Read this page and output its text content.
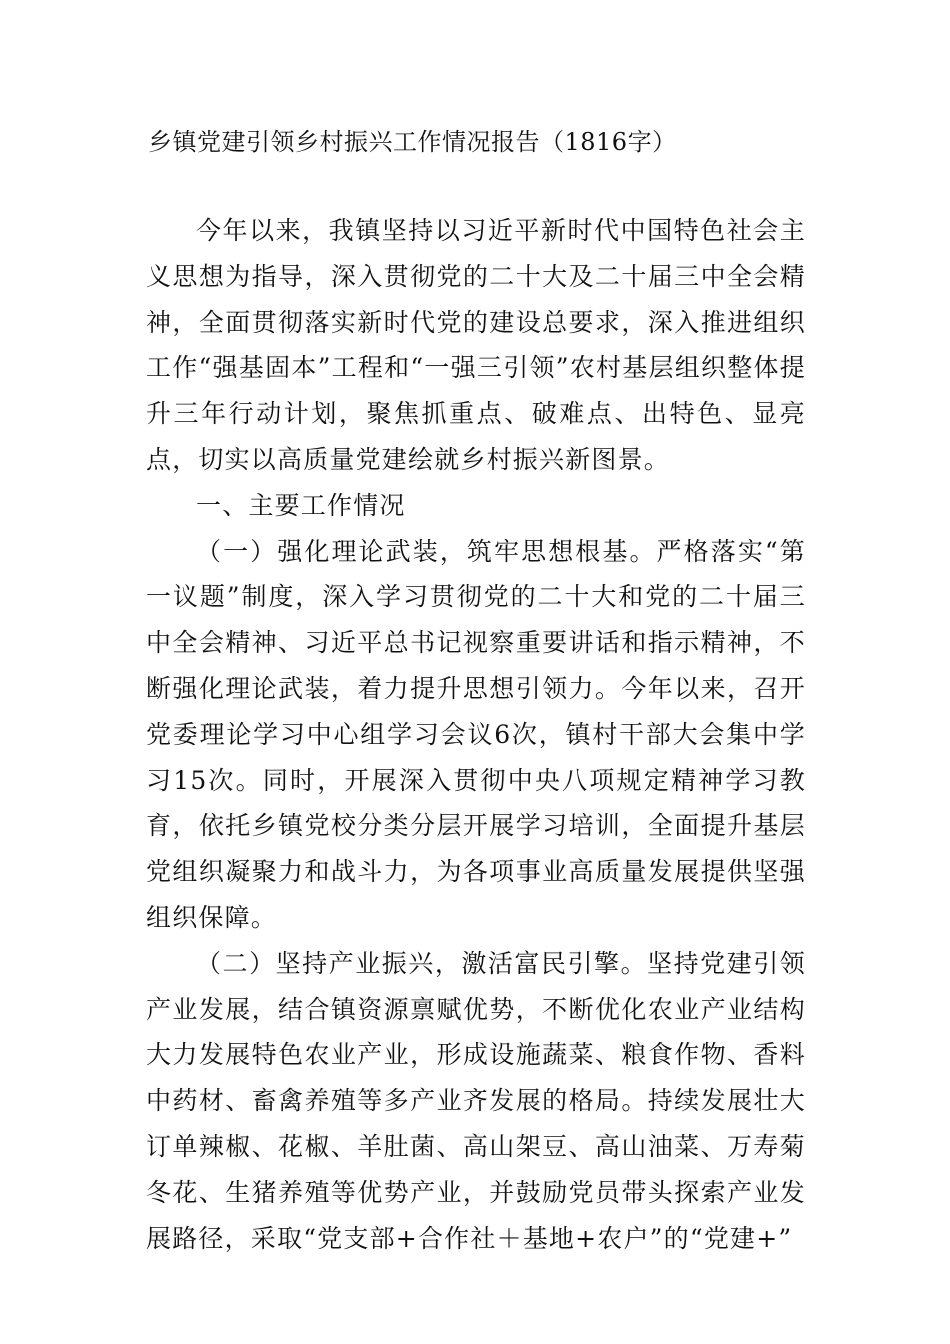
乡镇党建引领乡村振兴工作情况报告（1816字）

今年以来，我镇坚持以习近平新时代中国特色社会主义思想为指导，深入贯彻党的二十大及二十届三中全会精神，全面贯彻落实新时代党的建设总要求，深入推进组织工作“强基固本”工程和“一强三引领”农村基层组织整体提升三年行动计划，聚焦抓重点、破难点、出特色、显亮点，切实以高质量党建绘就乡村振兴新图景。

一、主要工作情况

（一）强化理论武装，筑牢思想根基。严格落实“第一议题”制度，深入学习贯彻党的二十大和党的二十届三中全会精神、习近平总书记视察重要讲话和指示精神，不断强化理论武装，着力提升思想引领力。今年以来，召开党委理论学习中心组学习会议6次，镇村干部大会集中学习15次。同时，开展深入贯彻中央八项规定精神学习教育，依托乡镇党校分类分层开展学习培训，全面提升基层党组织凝聚力和战斗力，为各项事业高质量发展提供坚强组织保障。

（二）坚持产业振兴，激活富民引擎。坚持党建引领产业发展，结合镇资源禀赋优势，不断优化农业产业结构大力发展特色农业产业，形成设施蔬菜、粮食作物、香料中药材、畜禽养殖等多产业齐发展的格局。持续发展壮大订单辣椒、花椒、羊肚菌、高山架豆、高山油菜、万寿菊冬花、生猪养殖等优势产业，并鼓励党员带头探索产业发展路径，采取“党支部+合作社＋基地+农户”的“党建+”
